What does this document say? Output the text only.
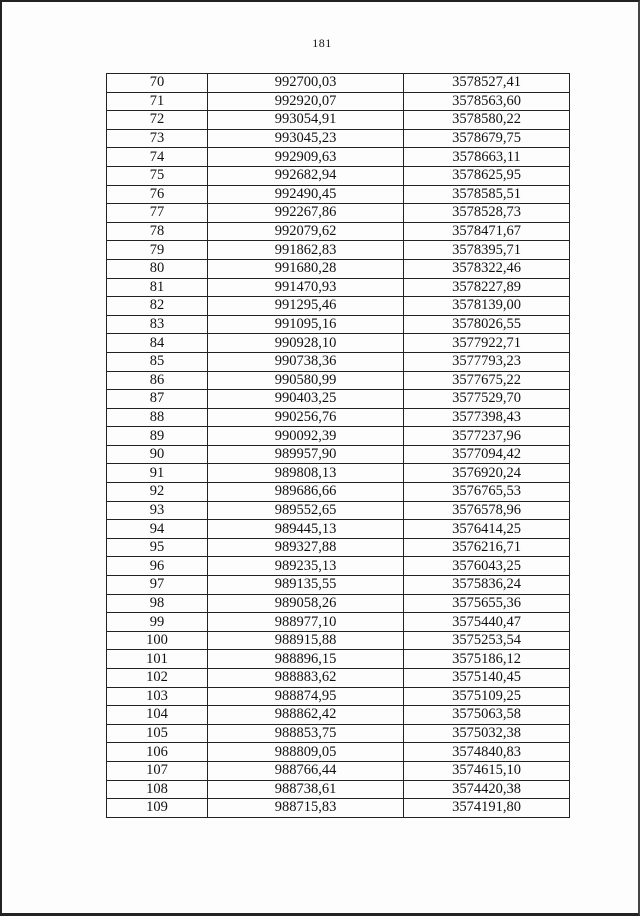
181
70	992700,03	3578527,41
71	992920,07	3578563,60
72	993054,91	3578580,22
73	993045,23	3578679,75
74	992909,63	3578663,11
75	992682,94	3578625,95
76	992490,45	3578585,51
77	992267,86	3578528,73
78	992079,62	3578471,67
79	991862,83	3578395,71
80	991680,28	3578322,46
81	991470,93	3578227,89
82	991295,46	3578139,00
83	991095,16	3578026,55
84	990928,10	3577922,71
85	990738,36	3577793,23
86	990580,99	3577675,22
87	990403,25	3577529,70
88	990256,76	3577398,43
89	990092,39	3577237,96
90	989957,90	3577094,42
91	989808,13	3576920,24
92	989686,66	3576765,53
93	989552,65	3576578,96
94	989445,13	3576414,25
95	989327,88	3576216,71
96	989235,13	3576043,25
97	989135,55	3575836,24
98	989058,26	3575655,36
99	988977,10	3575440,47
100	988915,88	3575253,54
101	988896,15	3575186,12
102	988883,62	3575140,45
103	988874,95	3575109,25
104	988862,42	3575063,58
105	988853,75	3575032,38
106	988809,05	3574840,83
107	988766,44	3574615,10
108	988738,61	3574420,38
109	988715,83	3574191,80
